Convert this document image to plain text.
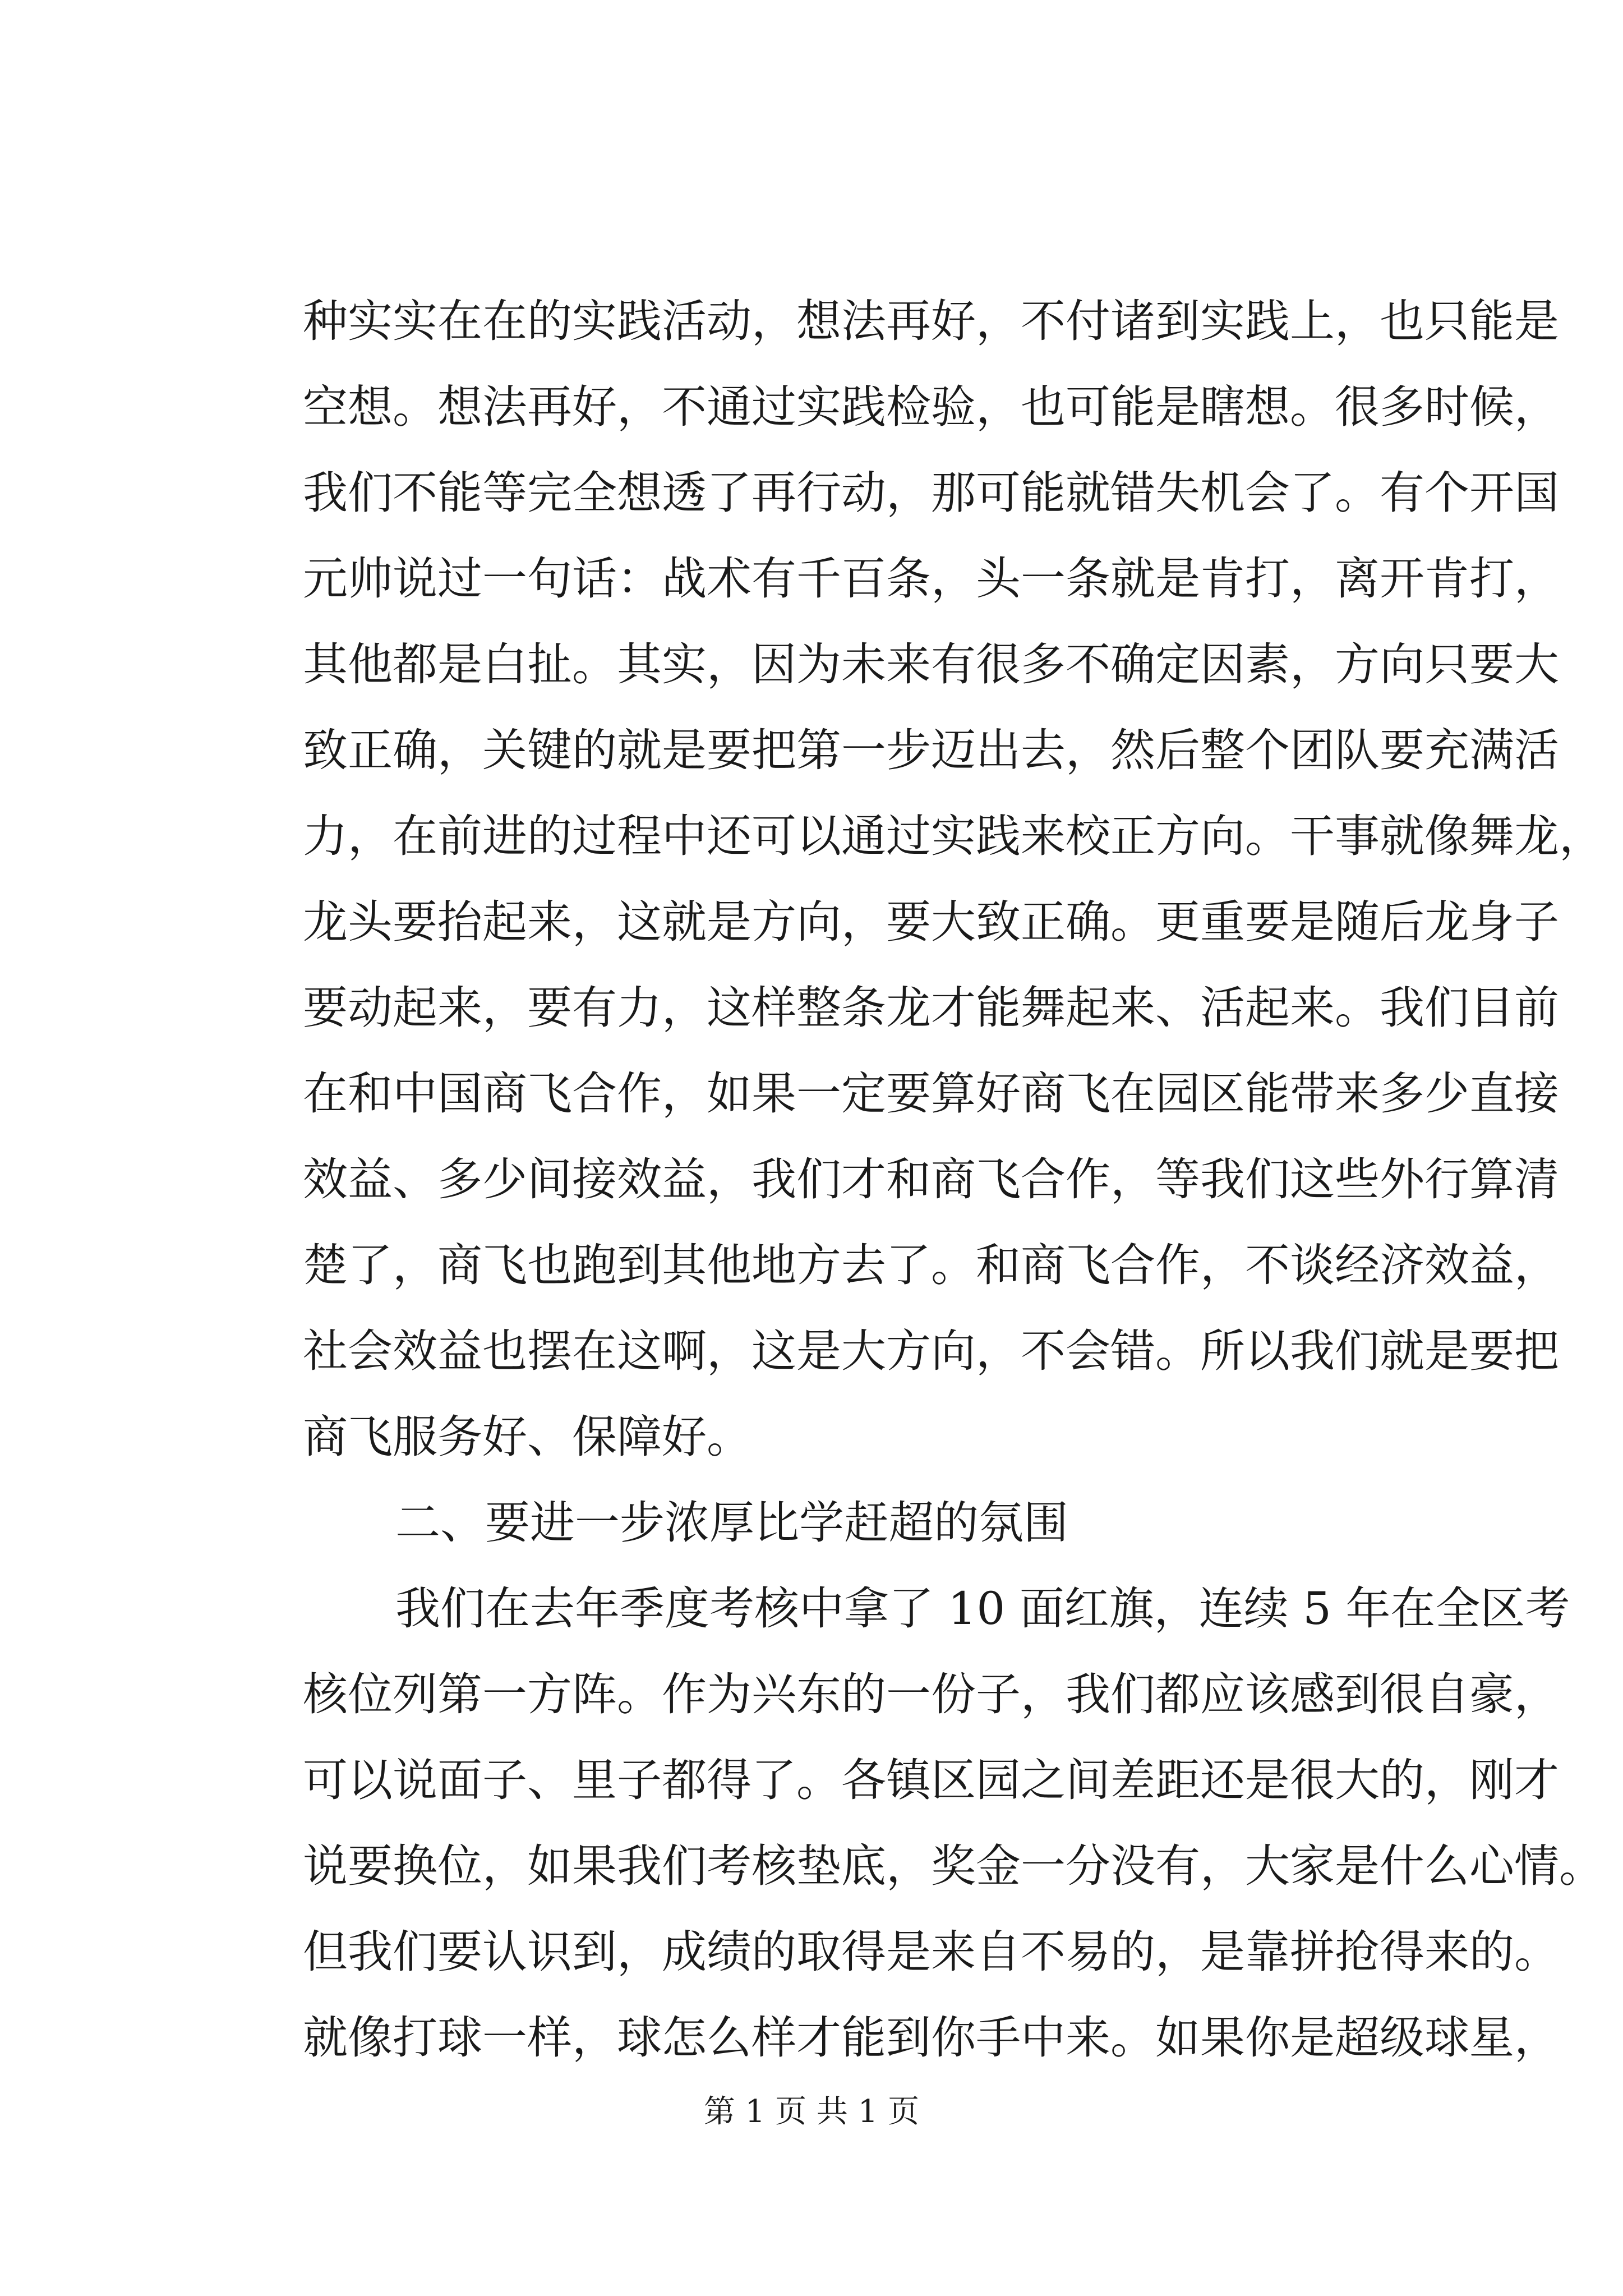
种实实在在的实践活动，想法再好，不付诸到实践上，也只能是
空想。想法再好，不通过实践检验，也可能是瞎想。很多时候，
我们不能等完全想透了再行动，那可能就错失机会了。有个开国
元帅说过一句话：战术有千百条，头一条就是肯打，离开肯打，
其他都是白扯。其实，因为未来有很多不确定因素，方向只要大
致正确，关键的就是要把第一步迈出去，然后整个团队要充满活
力，在前进的过程中还可以通过实践来校正方向。干事就像舞龙，
龙头要抬起来，这就是方向，要大致正确。更重要是随后龙身子
要动起来，要有力，这样整条龙才能舞起来、活起来。我们目前
在和中国商飞合作，如果一定要算好商飞在园区能带来多少直接
效益、多少间接效益，我们才和商飞合作，等我们这些外行算清
楚了，商飞也跑到其他地方去了。和商飞合作，不谈经济效益，
社会效益也摆在这啊，这是大方向，不会错。所以我们就是要把
商飞服务好、保障好。
二、要进一步浓厚比学赶超的氛围
我们在去年季度考核中拿了 10 面红旗，连续 5 年在全区考
核位列第一方阵。作为兴东的一份子，我们都应该感到很自豪，
可以说面子、里子都得了。各镇区园之间差距还是很大的，刚才
说要换位，如果我们考核垫底，奖金一分没有，大家是什么心情。
但我们要认识到，成绩的取得是来自不易的，是靠拼抢得来的。
就像打球一样，球怎么样才能到你手中来。如果你是超级球星，
第 1 页 共 1 页
